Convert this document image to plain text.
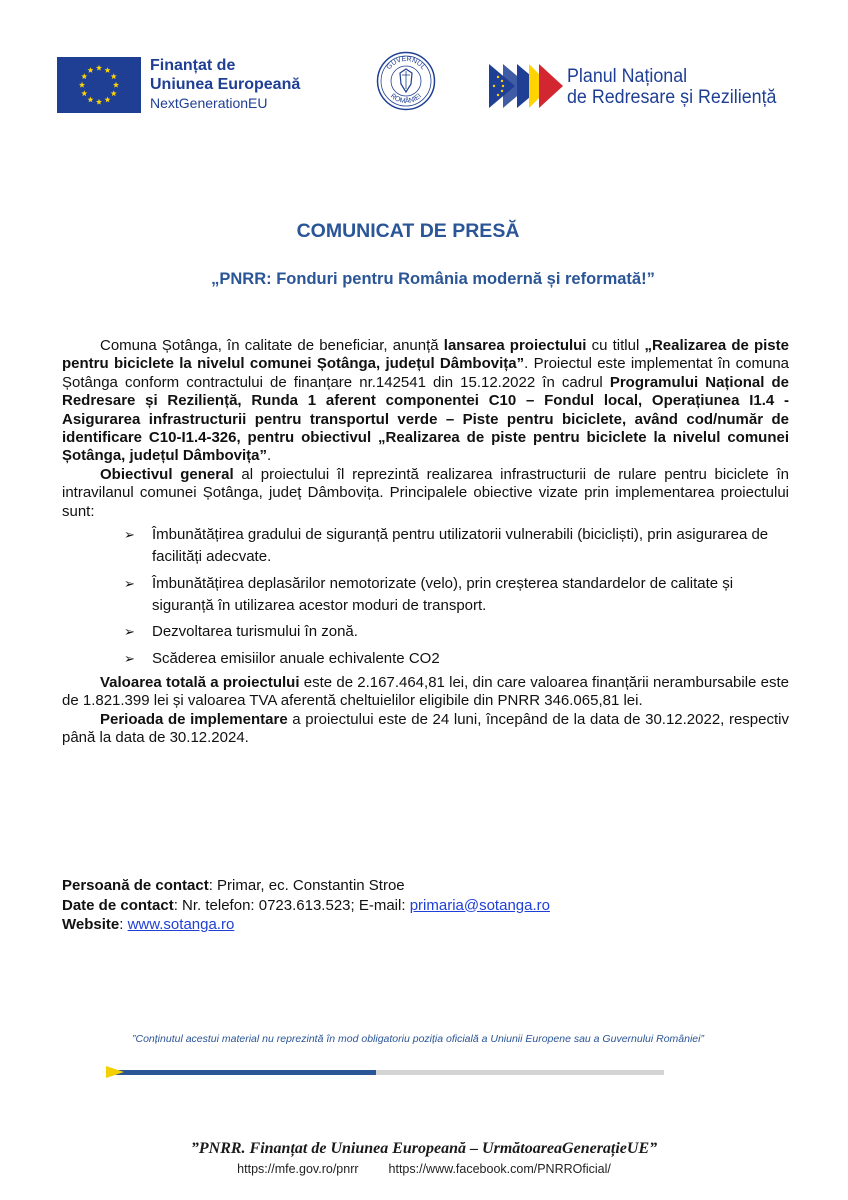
Finanțat de
Uniunea Europeană
NextGenerationEU
GUVERNUL
ROMÂNIEI
Planul Național
de Redresare și Reziliență
COMUNICAT DE PRESĂ
„PNRR: Fonduri pentru România modernă și reformată!”

Comuna Șotânga, în calitate de beneficiar, anunță lansarea proiectului cu titlul „Realizarea de piste pentru biciclete la nivelul comunei Șotânga, județul Dâmbovița”. Proiectul este implementat în comuna Șotânga conform contractului de finanțare nr.142541 din 15.12.2022 în cadrul Programului Național de Redresare și Reziliență, Runda 1 aferent componentei C10 – Fondul local, Operațiunea I1.4 - Asigurarea infrastructurii pentru transportul verde – Piste pentru biciclete, având cod/număr de identificare C10-I1.4-326, pentru obiectivul „Realizarea de piste pentru biciclete la nivelul comunei Șotânga, județul Dâmbovița”.

Obiectivul general al proiectului îl reprezintă realizarea infrastructurii de rulare pentru biciclete în intravilanul comunei Șotânga, județ Dâmbovița. Principalele obiective vizate prin implementarea proiectului sunt:

➢ Îmbunătățirea gradului de siguranță pentru utilizatorii vulnerabili (bicicliști), prin asigurarea de facilități adecvate.
➢ Îmbunătățirea deplasărilor nemotorizate (velo), prin creșterea standardelor de calitate și siguranță în utilizarea acestor moduri de transport.
➢ Dezvoltarea turismului în zonă.
➢ Scăderea emisiilor anuale echivalente CO2

Valoarea totală a proiectului este de 2.167.464,81 lei, din care valoarea finanțării nerambursabile este de 1.821.399 lei și valoarea TVA aferentă cheltuielilor eligibile din PNRR 346.065,81 lei.

Perioada de implementare a proiectului este de 24 luni, începând de la data de 30.12.2022, respectiv până la data de 30.12.2024.

Persoană de contact: Primar, ec. Constantin Stroe
Date de contact: Nr. telefon: 0723.613.523; E-mail: primaria@sotanga.ro
Website: www.sotanga.ro
”Conținutul acestui material nu reprezintă în mod obligatoriu poziția oficială a Uniunii Europene sau a Guvernului României”
”PNRR. Finanțat de Uniunea Europeană – UrmătoareaGenerațieUE”
https://mfe.gov.ro/pnrr https://www.facebook.com/PNRROficial/
